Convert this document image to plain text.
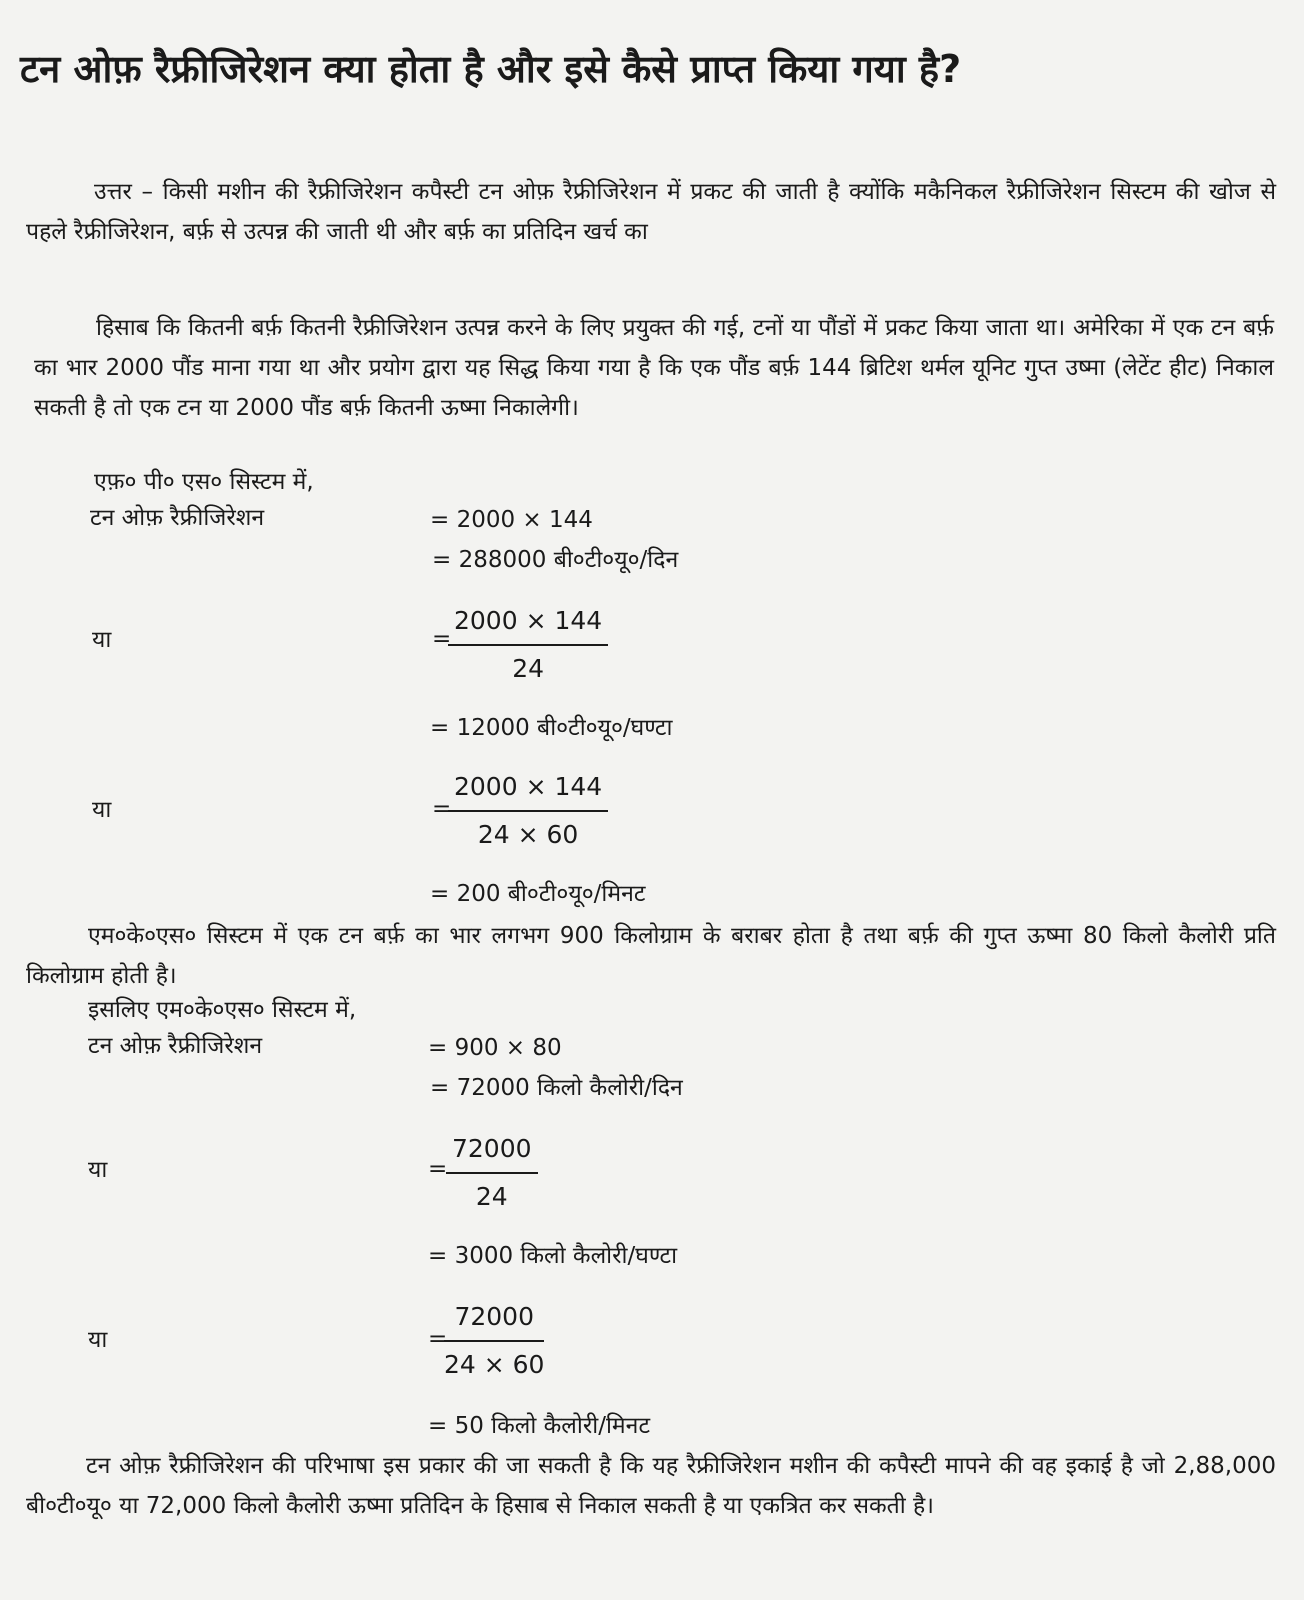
टन ओफ़ रैफ्रीजिरेशन क्या होता है और इसे कैसे प्राप्त किया गया है?
उत्तर – किसी मशीन की रैफ्रीजिरेशन कपैस्टी टन ओफ़ रैफ्रीजिरेशन में प्रकट की जाती है क्योंकि मकैनिकल रैफ्रीजिरेशन सिस्टम की खोज से पहले रैफ्रीजिरेशन, बर्फ़ से उत्पन्न की जाती थी और बर्फ़ का प्रतिदिन खर्च का
हिसाब कि कितनी बर्फ़ कितनी रैफ्रीजिरेशन उत्पन्न करने के लिए प्रयुक्त की गई, टनों या पौंडों में प्रकट किया जाता था। अमेरिका में एक टन बर्फ़ का भार 2000 पौंड माना गया था और प्रयोग द्वारा यह सिद्ध किया गया है कि एक पौंड बर्फ़ 144 ब्रिटिश थर्मल यूनिट गुप्त उष्मा (लेटेंट हीट) निकाल सकती है तो एक टन या 2000 पौंड बर्फ़ कितनी ऊष्मा निकालेगी।
एफ़० पी० एस० सिस्टम में,
टन ओफ़ रैफ्रीजिरेशन	= 2000 × 144
= 288000 बी०टी०यू०/दिन
या	=
$\frac{2000 \times 144}{24}$
= 12000 बी०टी०यू०/घण्टा
या	=
$\frac{2000 \times 144}{24 \times 60}$
= 200 बी०टी०यू०/मिनट
एम०के०एस० सिस्टम में एक टन बर्फ़ का भार लगभग 900 किलोग्राम के बराबर होता है तथा बर्फ़ की गुप्त ऊष्मा 80 किलो कैलोरी प्रति किलोग्राम होती है।
इसलिए एम०के०एस० सिस्टम में,
टन ओफ़ रैफ्रीजिरेशन	= 900 × 80
= 72000 किलो कैलोरी/दिन
या	=
$\frac{72000}{24}$
= 3000 किलो कैलोरी/घण्टा
या	=
$\frac{72000}{24 \times 60}$
= 50 किलो कैलोरी/मिनट
टन ओफ़ रैफ्रीजिरेशन की परिभाषा इस प्रकार की जा सकती है कि यह रैफ्रीजिरेशन मशीन की कपैस्टी मापने की वह इकाई है जो 2,88,000 बी०टी०यू० या 72,000 किलो कैलोरी ऊष्मा प्रतिदिन के हिसाब से निकाल सकती है या एकत्रित कर सकती है।
